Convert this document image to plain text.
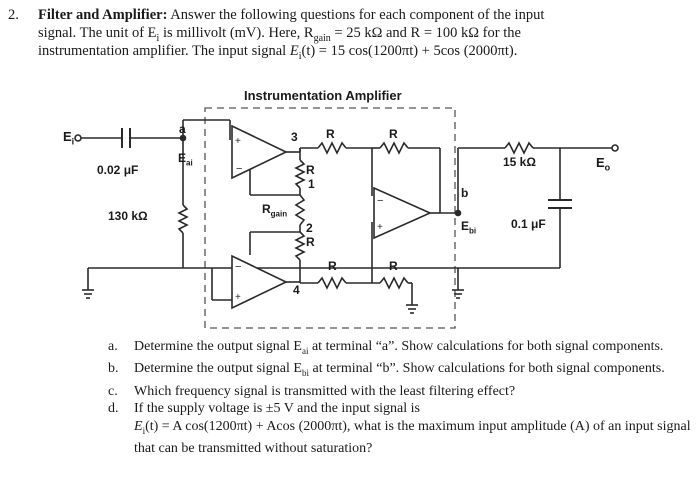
2. Filter and Amplifier: Answer the following questions for each component of the input
signal. The unit of $E_i$ is millivolt (mV). Here, $R_{gain} = 25$ kΩ and R = 100 kΩ for the
instrumentation amplifier. The input signal $E_i(t) = 15$ cos(1200πt) + 5cos (2000πt).
+
−
−
+
−
+
Instrumentation Amplifier
$E_i$
0.02 μF
130 kΩ
a
$E_{ai}$
3
4
R	R
R
1
$R_{gain}$
2
R
R	R
b
$E_{bi}$
15 kΩ
0.1 μF
$E_o$
a. Determine the output signal $E_{ai}$ at terminal “a”. Show calculations for both signal components.
b. Determine the output signal $E_{bi}$ at terminal “b”. Show calculations for both signal components.
c. Which frequency signal is transmitted with the least filtering effect?
d. If the supply voltage is ±5 V and the input signal is
$E_i(t) = A$ cos(1200πt) + Acos (2000πt), what is the maximum input amplitude (A) of an input signal that can be transmitted without saturation?
